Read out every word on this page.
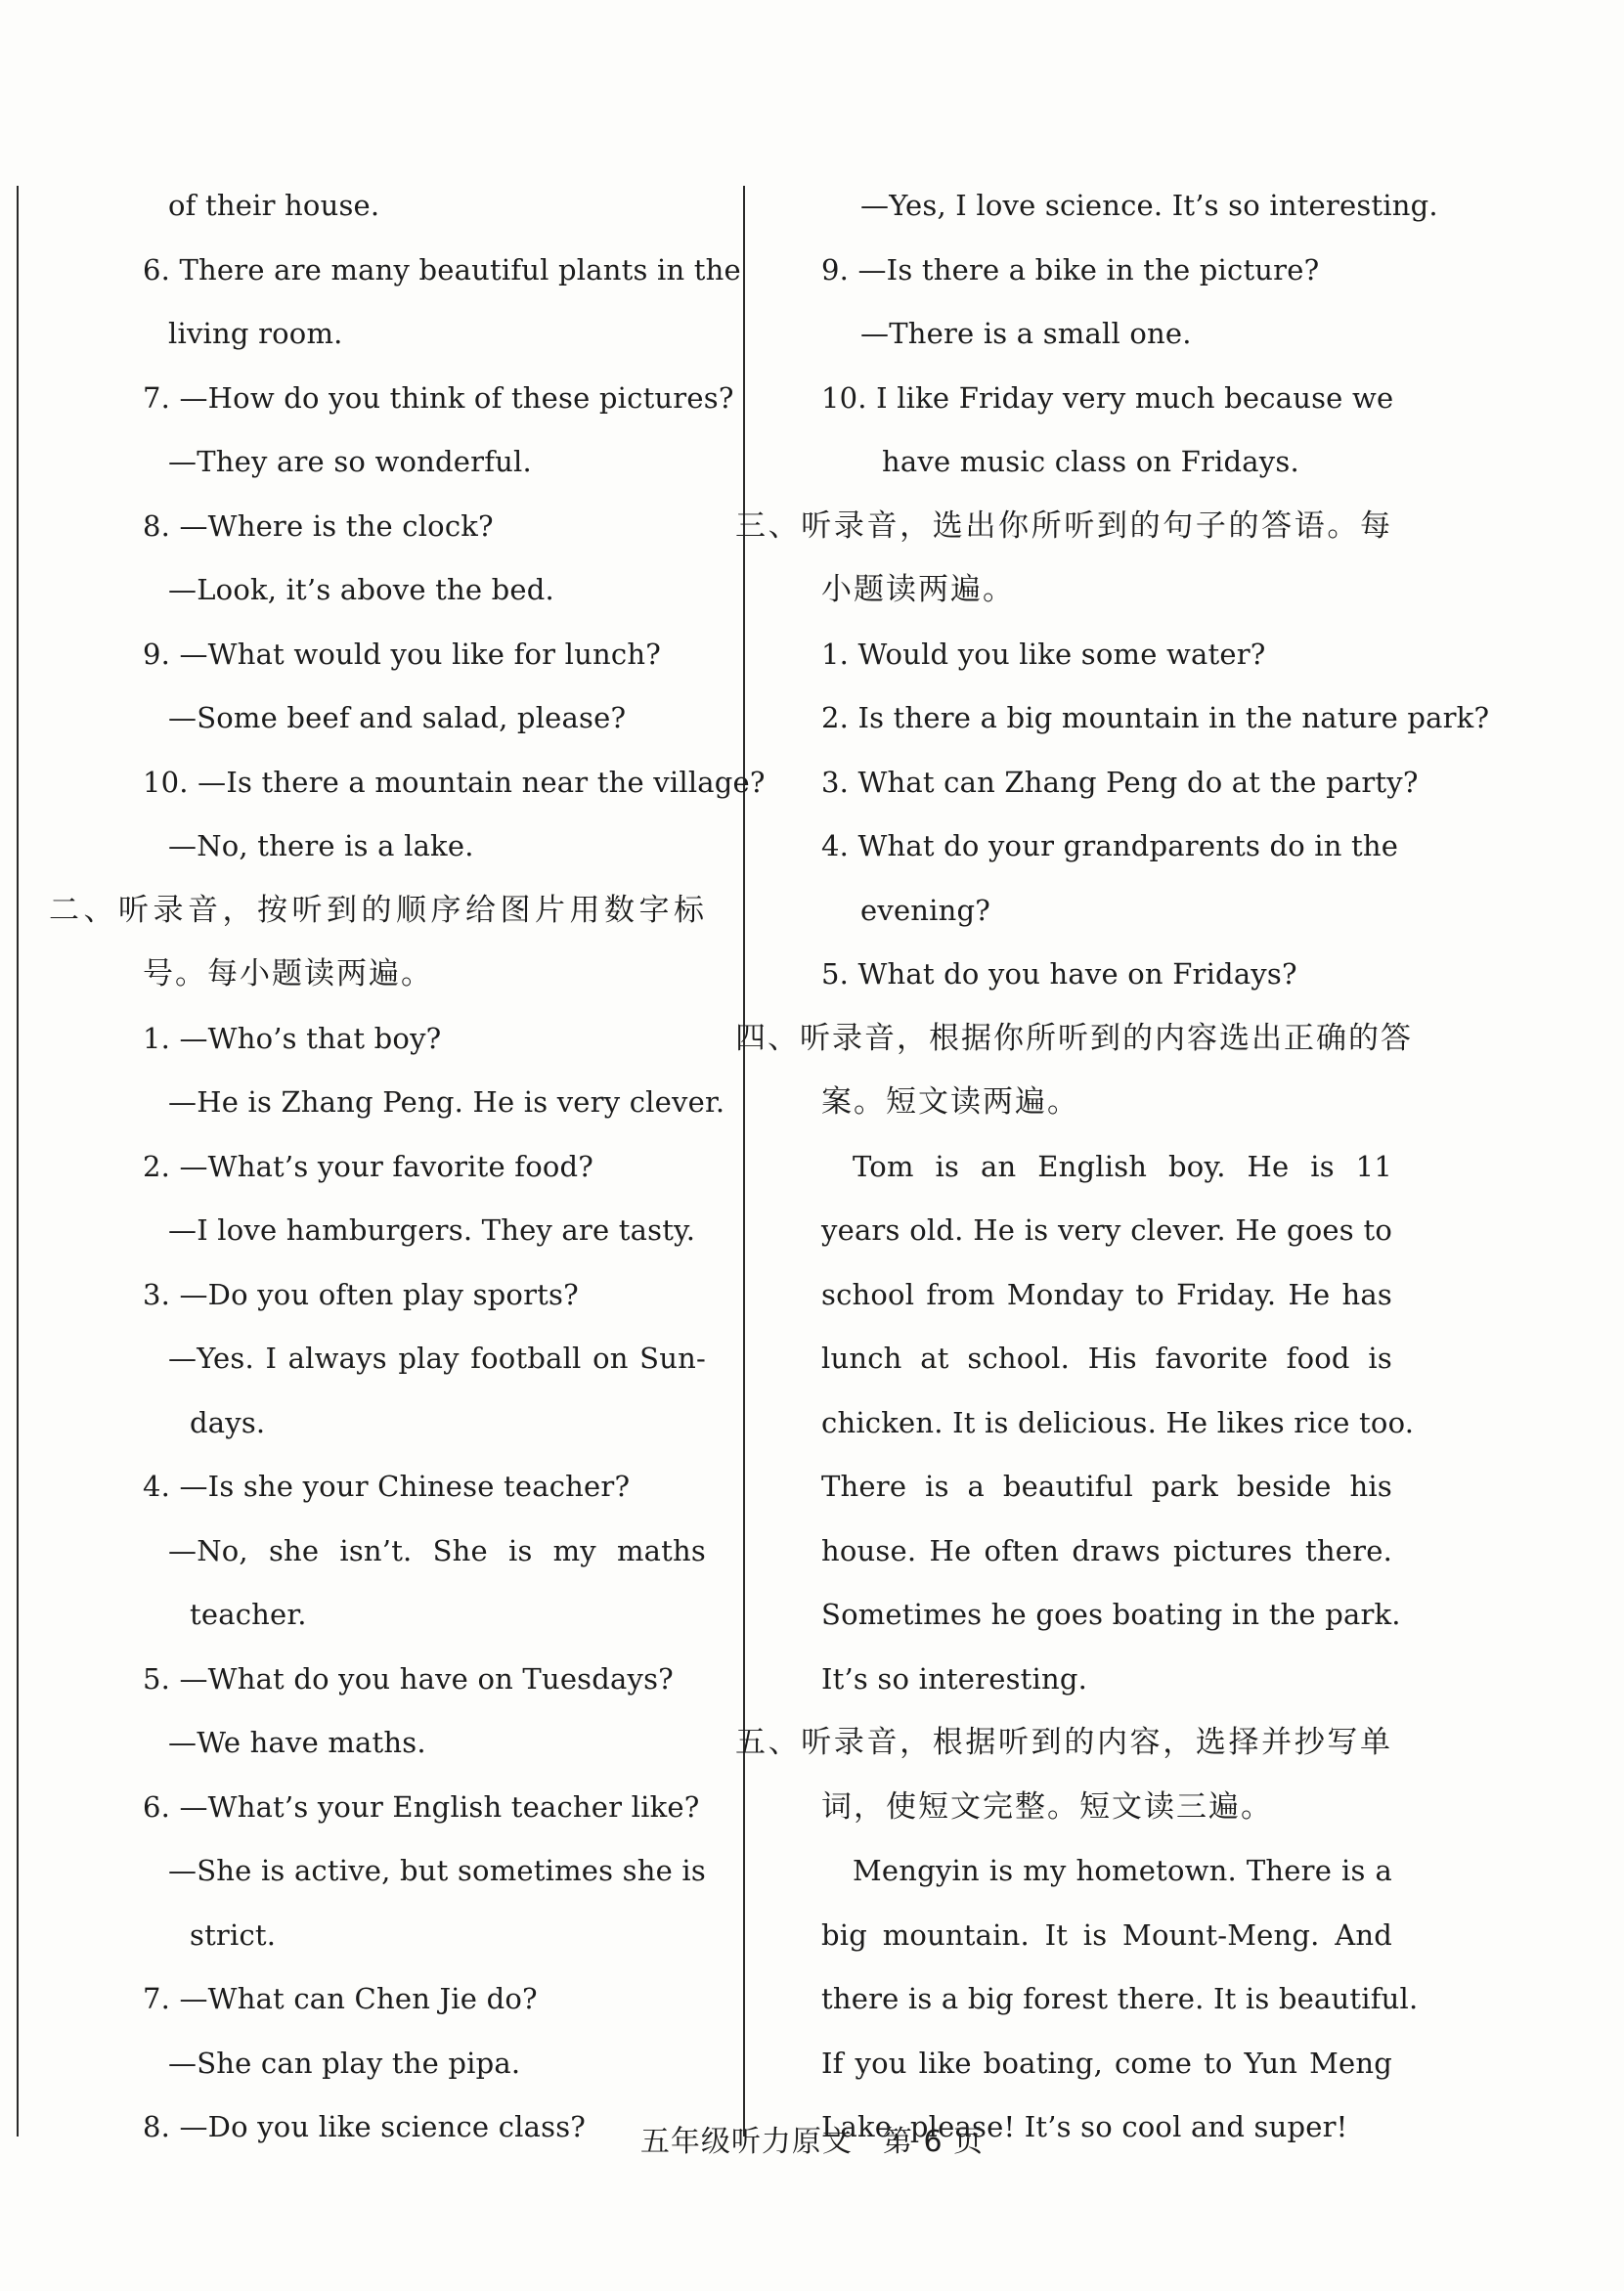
of their house.
6. There are many beautiful plants in the
living room.
7. —How do you think of these pictures?
—They are so wonderful.
8. —Where is the clock?
—Look, it’s above the bed.
9. —What would you like for lunch?
—Some beef and salad, please?
10. —Is there a mountain near the village?
—No, there is a lake.
二、听录音，按听到的顺序给图片用数字标
号。每小题读两遍。
1. —Who’s that boy?
—He is Zhang Peng. He is very clever.
2. —What’s your favorite food?
—I love hamburgers. They are tasty.
3. —Do you often play sports?
—Yes. I always play football on Sun-
days.
4. —Is she your Chinese teacher?
—No, she isn’t. She is my maths
teacher.
5. —What do you have on Tuesdays?
—We have maths.
6. —What’s your English teacher like?
—She is active, but sometimes she is
strict.
7. —What can Chen Jie do?
—She can play the pipa.
8. —Do you like science class?
—Yes, I love science. It’s so interesting.
9. —Is there a bike in the picture?
—There is a small one.
10. I like Friday very much because we
have music class on Fridays.
三、听录音，选出你所听到的句子的答语。每
小题读两遍。
1. Would you like some water?
2. Is there a big mountain in the nature park?
3. What can Zhang Peng do at the party?
4. What do your grandparents do in the
evening?
5. What do you have on Fridays?
四、听录音，根据你所听到的内容选出正确的答
案。短文读两遍。
Tom is an English boy. He is 11
years old. He is very clever. He goes to
school from Monday to Friday. He has
lunch at school. His favorite food is
chicken. It is delicious. He likes rice too.
There is a beautiful park beside his
house. He often draws pictures there.
Sometimes he goes boating in the park.
It’s so interesting.
五、听录音，根据听到的内容，选择并抄写单
词，使短文完整。短文读三遍。
Mengyin is my hometown. There is a
big mountain. It is Mount-Meng. And
there is a big forest there. It is beautiful.
If you like boating, come to Yun Meng
Lake, please! It’s so cool and super!
五年级听力原文　第 6 页
